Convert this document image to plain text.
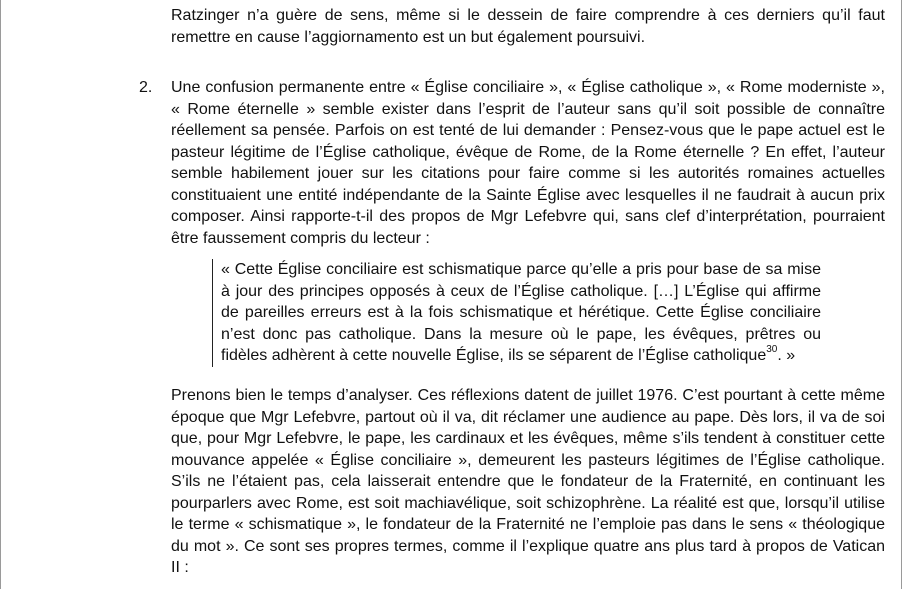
Ratzinger n’a guère de sens, même si le dessein de faire comprendre à ces derniers qu’il faut remettre en cause l’aggiornamento est un but également poursuivi.

2. Une confusion permanente entre « Église conciliaire », « Église catholique », « Rome moderniste », « Rome éternelle » semble exister dans l’esprit de l’auteur sans qu’il soit possible de connaître réellement sa pensée. Parfois on est tenté de lui demander : Pensez-vous que le pape actuel est le pasteur légitime de l’Église catholique, évêque de Rome, de la Rome éternelle ? En effet, l’auteur semble habilement jouer sur les citations pour faire comme si les autorités romaines actuelles constituaient une entité indépendante de la Sainte Église avec lesquelles il ne faudrait à aucun prix composer. Ainsi rapporte-t-il des propos de Mgr Lefebvre qui, sans clef d’interprétation, pourraient être faussement compris du lecteur :

« Cette Église conciliaire est schismatique parce qu’elle a pris pour base de sa mise à jour des principes opposés à ceux de l’Église catholique. […] L’Église qui affirme de pareilles erreurs est à la fois schismatique et hérétique. Cette Église conciliaire n’est donc pas catholique. Dans la mesure où le pape, les évêques, prêtres ou fidèles adhèrent à cette nouvelle Église, ils se séparent de l’Église catholique$^{30}$. »

Prenons bien le temps d’analyser. Ces réflexions datent de juillet 1976. C’est pourtant à cette même époque que Mgr Lefebvre, partout où il va, dit réclamer une audience au pape. Dès lors, il va de soi que, pour Mgr Lefebvre, le pape, les cardinaux et les évêques, même s’ils tendent à constituer cette mouvance appelée « Église conciliaire », demeurent les pasteurs légitimes de l’Église catholique. S’ils ne l’étaient pas, cela laisserait entendre que le fondateur de la Fraternité, en continuant les pourparlers avec Rome, est soit machiavélique, soit schizophrène. La réalité est que, lorsqu’il utilise le terme « schismatique », le fondateur de la Fraternité ne l’emploie pas dans le sens « théologique du mot ». Ce sont ses propres termes, comme il l’explique quatre ans plus tard à propos de Vatican II :
